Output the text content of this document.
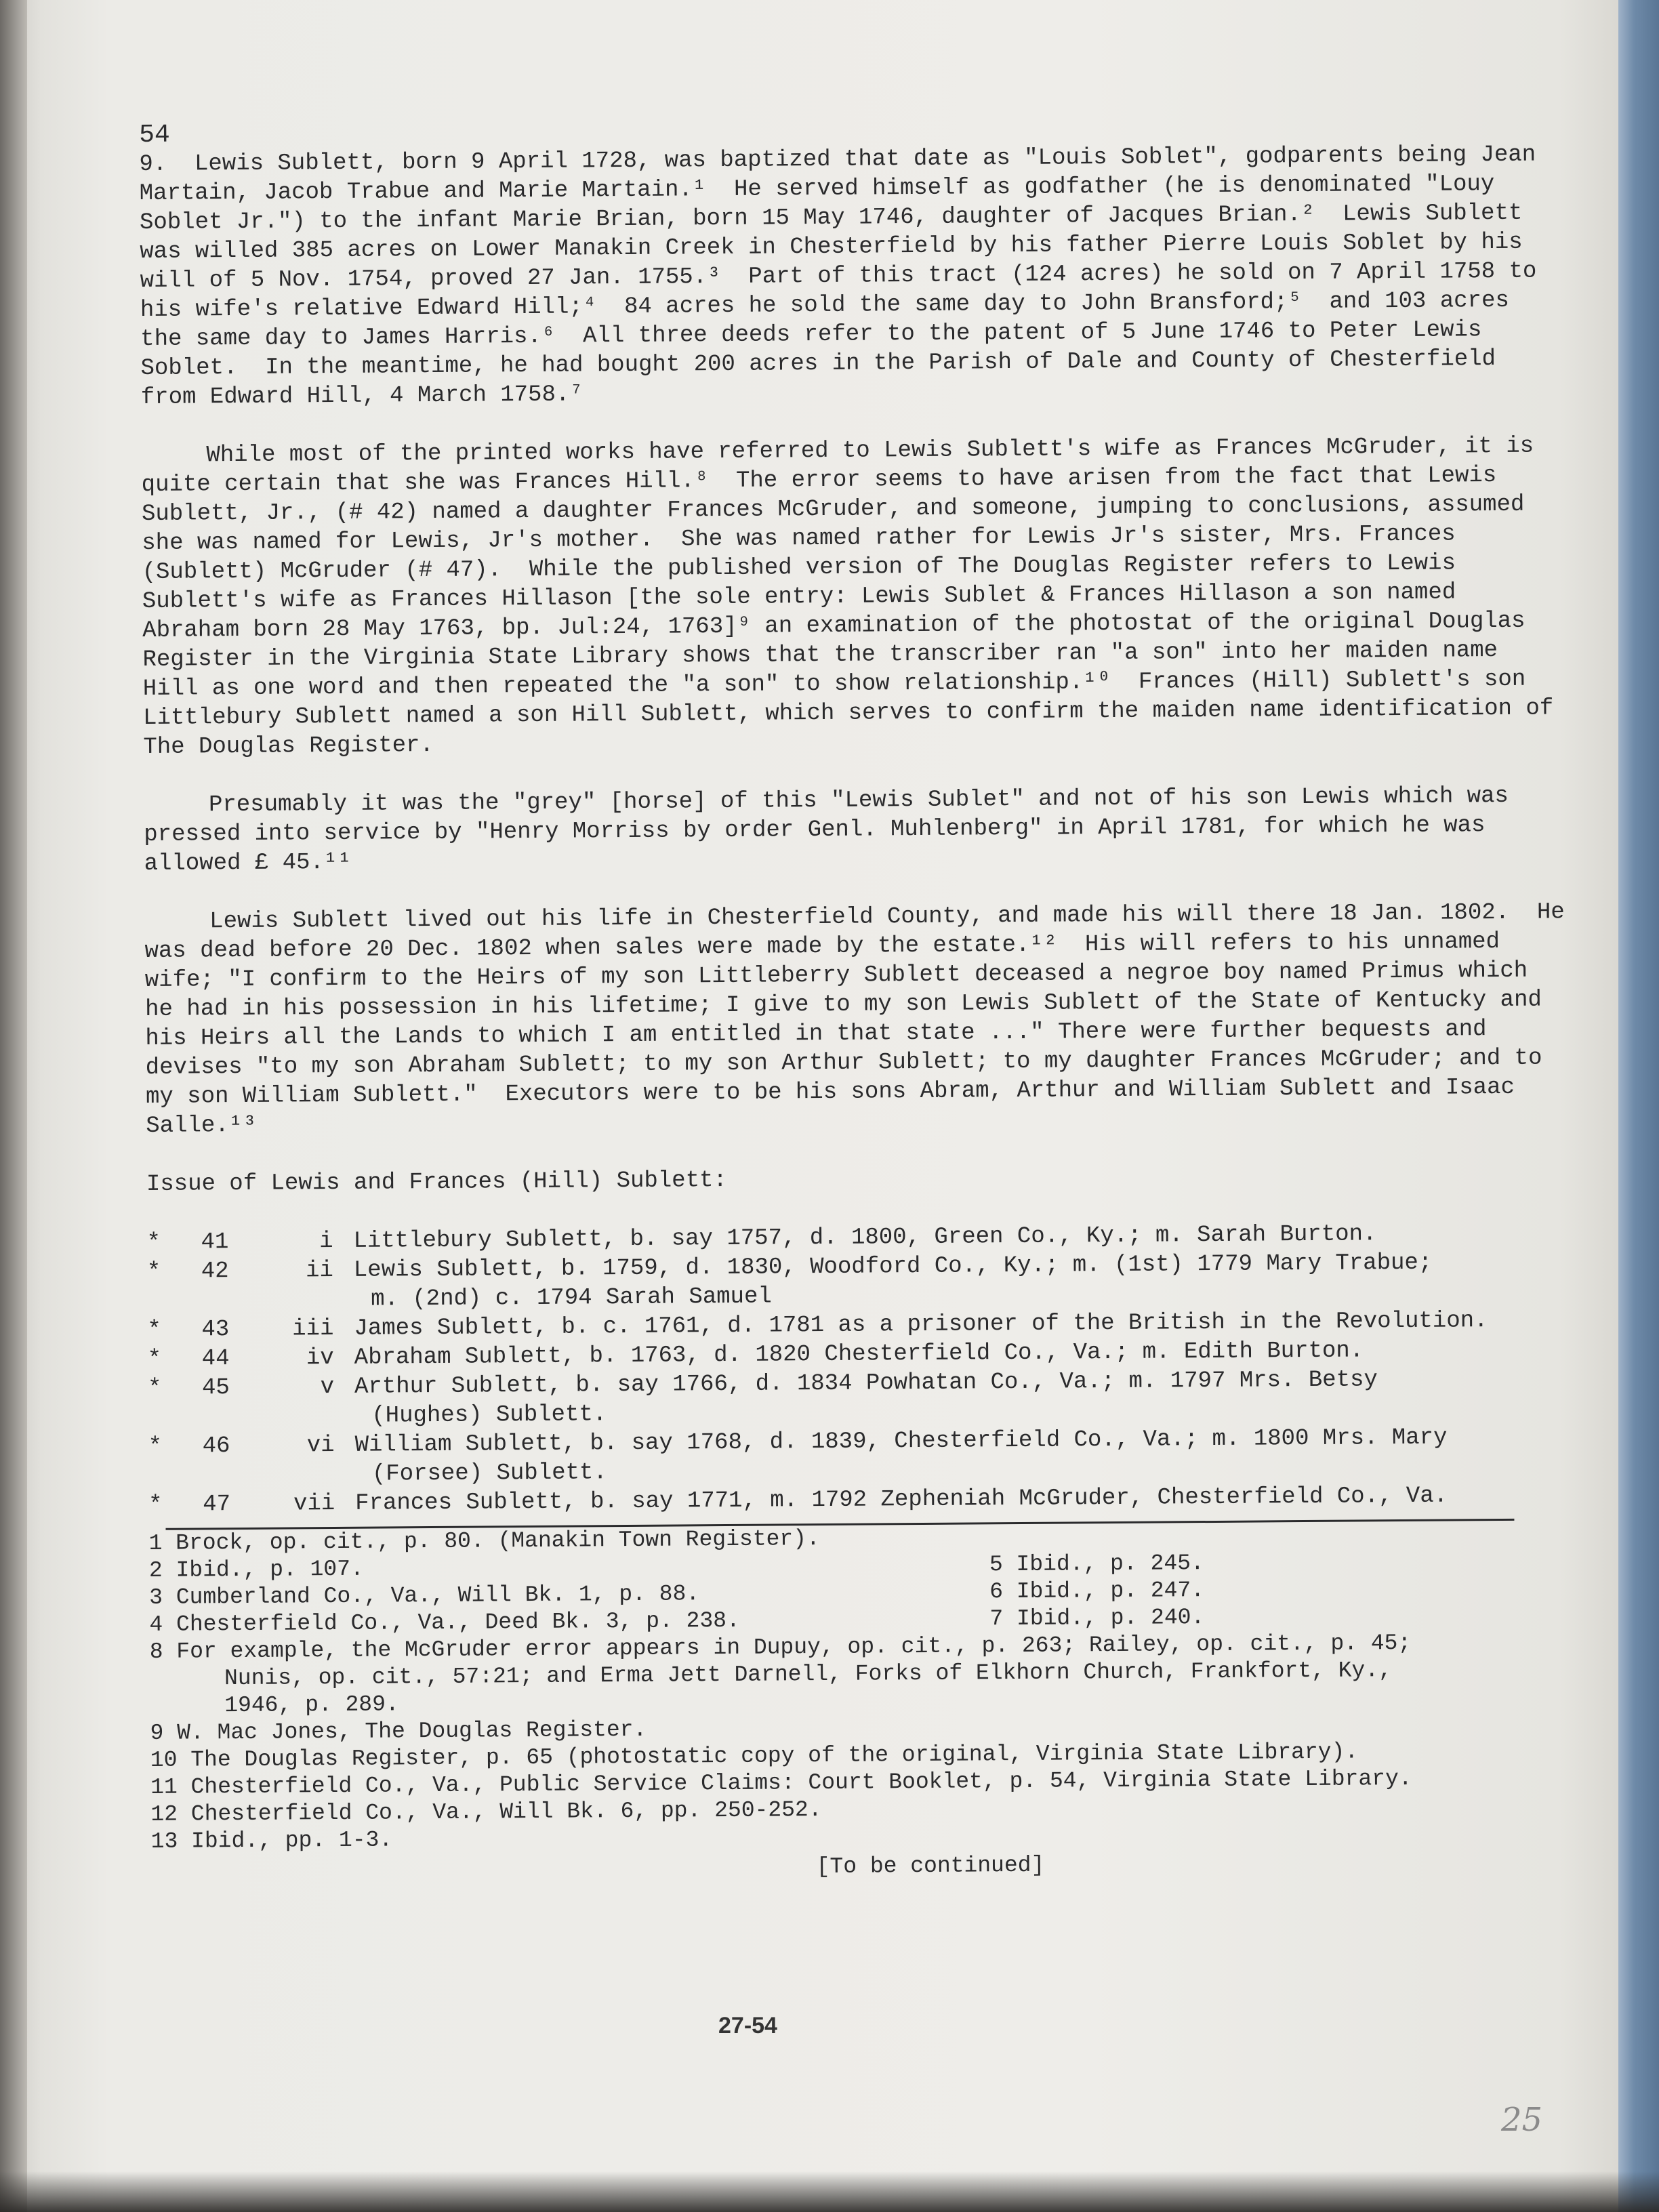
54

9.  Lewis Sublett, born 9 April 1728, was baptized that date as "Louis Soblet", godparents being Jean Martain, Jacob Trabue and Marie Martain.¹  He served himself as godfather (he is denominated "Louy Soblet Jr.") to the infant Marie Brian, born 15 May 1746, daughter of Jacques Brian.²  Lewis Sublett was willed 385 acres on Lower Manakin Creek in Chesterfield by his father Pierre Louis Soblet by his will of 5 Nov. 1754, proved 27 Jan. 1755.³  Part of this tract (124 acres) he sold on 7 April 1758 to his wife's relative Edward Hill;⁴  84 acres he sold the same day to John Bransford;⁵  and 103 acres the same day to James Harris.⁶  All three deeds refer to the patent of 5 June 1746 to Peter Lewis Soblet.  In the meantime, he had bought 200 acres in the Parish of Dale and County of Chesterfield from Edward Hill, 4 March 1758.⁷

While most of the printed works have referred to Lewis Sublett's wife as Frances McGruder, it is quite certain that she was Frances Hill.⁸  The error seems to have arisen from the fact that Lewis Sublett, Jr., (# 42) named a daughter Frances McGruder, and someone, jumping to conclusions, assumed she was named for Lewis, Jr's mother.  She was named rather for Lewis Jr's sister, Mrs. Frances (Sublett) McGruder (# 47).  While the published version of The Douglas Register refers to Lewis Sublett's wife as Frances Hillason [the sole entry: Lewis Sublet & Frances Hillason a son named Abraham born 28 May 1763, bp. Jul:24, 1763]⁹ an examination of the photostat of the original Douglas Register in the Virginia State Library shows that the transcriber ran "a son" into her maiden name Hill as one word and then repeated the "a son" to show relationship.¹⁰  Frances (Hill) Sublett's son Littlebury Sublett named a son Hill Sublett, which serves to confirm the maiden name identification of The Douglas Register.

Presumably it was the "grey" [horse] of this "Lewis Sublet" and not of his son Lewis which was pressed into service by "Henry Morriss by order Genl. Muhlenberg" in April 1781, for which he was allowed £ 45.¹¹

Lewis Sublett lived out his life in Chesterfield County, and made his will there 18 Jan. 1802.  He was dead before 20 Dec. 1802 when sales were made by the estate.¹²  His will refers to his unnamed wife; "I confirm to the Heirs of my son Littleberry Sublett deceased a negroe boy named Primus which he had in his possession in his lifetime; I give to my son Lewis Sublett of the State of Kentucky and his Heirs all the Lands to which I am entitled in that state ..." There were further bequests and devises "to my son Abraham Sublett; to my son Arthur Sublett; to my daughter Frances McGruder; and to my son William Sublett."  Executors were to be his sons Abram, Arthur and William Sublett and Isaac Salle.¹³

Issue of Lewis and Frances (Hill) Sublett:

*	41	i Littlebury Sublett, b. say 1757, d. 1800, Green Co., Ky.; m. Sarah Burton.
*	42	ii Lewis Sublett, b. 1759, d. 1830, Woodford Co., Ky.; m. (1st) 1779 Mary Trabue;
m. (2nd) c. 1794 Sarah Samuel
*	43	iii James Sublett, b. c. 1761, d. 1781 as a prisoner of the British in the Revolution.
*	44	iv Abraham Sublett, b. 1763, d. 1820 Chesterfield Co., Va.; m. Edith Burton.
*	45	v Arthur Sublett, b. say 1766, d. 1834 Powhatan Co., Va.; m. 1797 Mrs. Betsy
(Hughes) Sublett.
*	46	vi William Sublett, b. say 1768, d. 1839, Chesterfield Co., Va.; m. 1800 Mrs. Mary
(Forsee) Sublett.
*	47	vii Frances Sublett, b. say 1771, m. 1792 Zepheniah McGruder, Chesterfield Co., Va.
1 Brock, op. cit., p. 80. (Manakin Town Register).
2 Ibid., p. 107.	5 Ibid., p. 245.
3 Cumberland Co., Va., Will Bk. 1, p. 88.	6 Ibid., p. 247.
4 Chesterfield Co., Va., Deed Bk. 3, p. 238.	7 Ibid., p. 240.
8 For example, the McGruder error appears in Dupuy, op. cit., p. 263; Railey, op. cit., p. 45;
Nunis, op. cit., 57:21; and Erma Jett Darnell, Forks of Elkhorn Church, Frankfort, Ky.,
1946, p. 289.
9 W. Mac Jones, The Douglas Register.
10 The Douglas Register, p. 65 (photostatic copy of the original, Virginia State Library).
11 Chesterfield Co., Va., Public Service Claims: Court Booklet, p. 54, Virginia State Library.
12 Chesterfield Co., Va., Will Bk. 6, pp. 250-252.
13 Ibid., pp. 1-3.
[To be continued]
27-54
25
